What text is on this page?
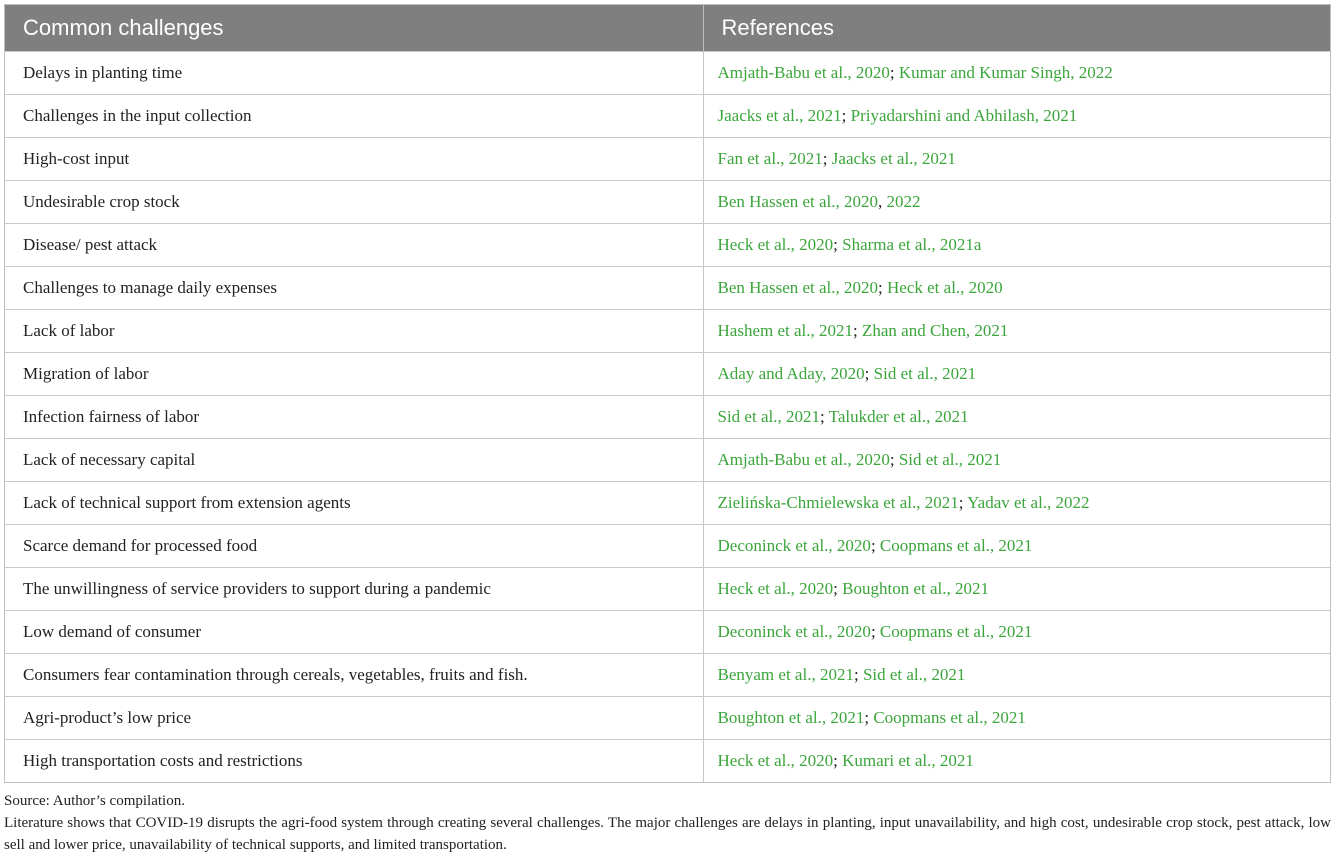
Common challenges	References
Delays in planting time	Amjath-Babu et al., 2020; Kumar and Kumar Singh, 2022
Challenges in the input collection	Jaacks et al., 2021; Priyadarshini and Abhilash, 2021
High-cost input	Fan et al., 2021; Jaacks et al., 2021
Undesirable crop stock	Ben Hassen et al., 2020, 2022
Disease/ pest attack	Heck et al., 2020; Sharma et al., 2021a
Challenges to manage daily expenses	Ben Hassen et al., 2020; Heck et al., 2020
Lack of labor	Hashem et al., 2021; Zhan and Chen, 2021
Migration of labor	Aday and Aday, 2020; Sid et al., 2021
Infection fairness of labor	Sid et al., 2021; Talukder et al., 2021
Lack of necessary capital	Amjath-Babu et al., 2020; Sid et al., 2021
Lack of technical support from extension agents	Zielińska-Chmielewska et al., 2021; Yadav et al., 2022
Scarce demand for processed food	Deconinck et al., 2020; Coopmans et al., 2021
The unwillingness of service providers to support during a pandemic	Heck et al., 2020; Boughton et al., 2021
Low demand of consumer	Deconinck et al., 2020; Coopmans et al., 2021
Consumers fear contamination through cereals, vegetables, fruits and fish.	Benyam et al., 2021; Sid et al., 2021
Agri-product’s low price	Boughton et al., 2021; Coopmans et al., 2021
High transportation costs and restrictions	Heck et al., 2020; Kumari et al., 2021

Source: Author’s compilation.

Literature shows that COVID-19 disrupts the agri-food system through creating several challenges. The major challenges are delays in planting, input unavailability, and high cost, undesirable crop stock, pest attack, low sell and lower price, unavailability of technical supports, and limited transportation.
